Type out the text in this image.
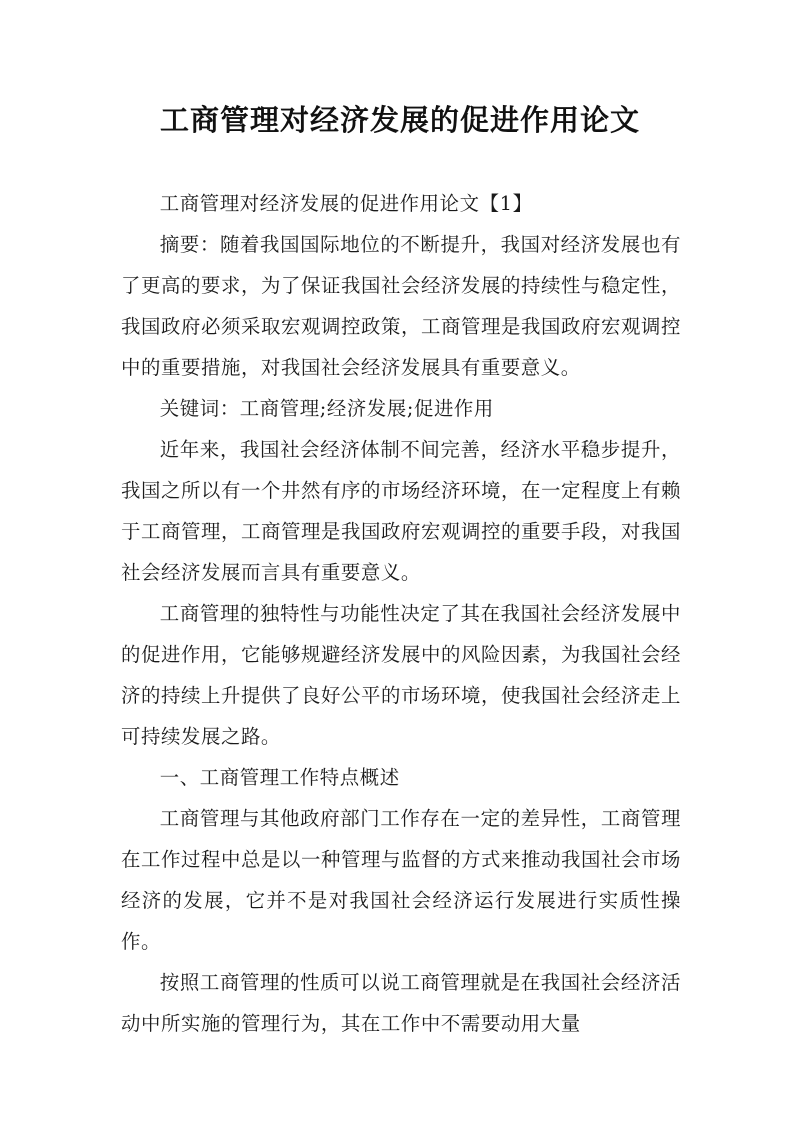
工商管理对经济发展的促进作用论文

工商管理对经济发展的促进作用论文【1】

摘要：随着我国国际地位的不断提升，我国对经济发展也有了更高的要求，为了保证我国社会经济发展的持续性与稳定性，我国政府必须采取宏观调控政策，工商管理是我国政府宏观调控中的重要措施，对我国社会经济发展具有重要意义。

关键词：工商管理;经济发展;促进作用

近年来，我国社会经济体制不间完善，经济水平稳步提升，我国之所以有一个井然有序的市场经济环境，在一定程度上有赖于工商管理，工商管理是我国政府宏观调控的重要手段，对我国社会经济发展而言具有重要意义。

工商管理的独特性与功能性决定了其在我国社会经济发展中的促进作用，它能够规避经济发展中的风险因素，为我国社会经济的持续上升提供了良好公平的市场环境，使我国社会经济走上可持续发展之路。

一、工商管理工作特点概述

工商管理与其他政府部门工作存在一定的差异性，工商管理在工作过程中总是以一种管理与监督的方式来推动我国社会市场经济的发展，它并不是对我国社会经济运行发展进行实质性操作。

按照工商管理的性质可以说工商管理就是在我国社会经济活动中所实施的管理行为，其在工作中不需要动用大量
